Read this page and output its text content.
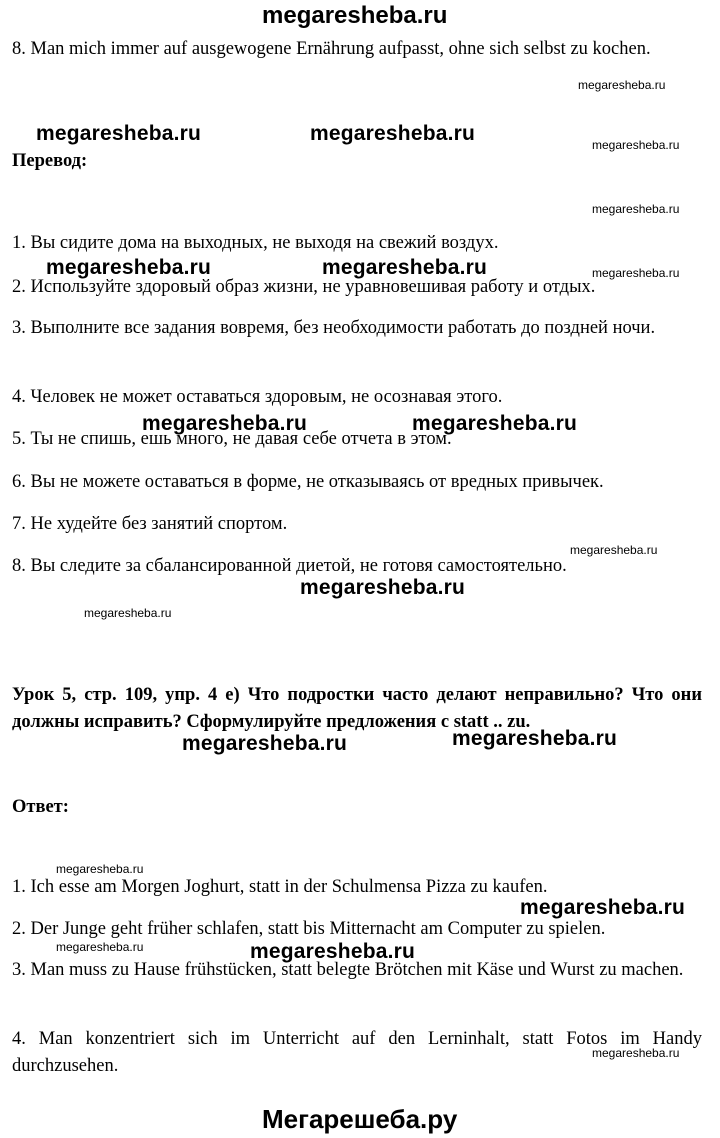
megaresheba.ru
8. Man mich immer auf ausgewogene Ernährung aufpasst, ohne sich selbst zu kochen.
megaresheba.ru
megaresheba.ru	megaresheba.ru	megaresheba.ru
Перевод:
megaresheba.ru
1. Вы сидите дома на выходных, не выходя на свежий воздух.
megaresheba.ru	megaresheba.ru	megaresheba.ru
2. Используйте здоровый образ жизни, не уравновешивая работу и отдых.
3. Выполните все задания вовремя, без необходимости работать до поздней ночи.
4. Человек не может оставаться здоровым, не осознавая этого.
megaresheba.ru	megaresheba.ru
5. Ты не спишь, ешь много, не давая себе отчета в этом.
6. Вы не можете оставаться в форме, не отказываясь от вредных привычек.
7. Не худейте без занятий спортом.
megaresheba.ru
8. Вы следите за сбалансированной диетой, не готовя самостоятельно.
megaresheba.ru
megaresheba.ru
Урок 5, стр. 109, упр. 4 е) Что подростки часто делают неправильно? Что они должны исправить? Сформулируйте предложения с statt .. zu.
megaresheba.ru	megaresheba.ru
Ответ:
megaresheba.ru
1. Ich esse am Morgen Joghurt, statt in der Schulmensa Pizza zu kaufen.
megaresheba.ru
2. Der Junge geht früher schlafen, statt bis Mitternacht am Computer zu spielen.
megaresheba.ru	megaresheba.ru
3. Man muss zu Hause frühstücken, statt belegte Brötchen mit Käse und Wurst zu machen.
4. Man konzentriert sich im Unterricht auf den Lerninhalt, statt Fotos im Handy durchzusehen.
megaresheba.ru
Мегарешеба.ру
